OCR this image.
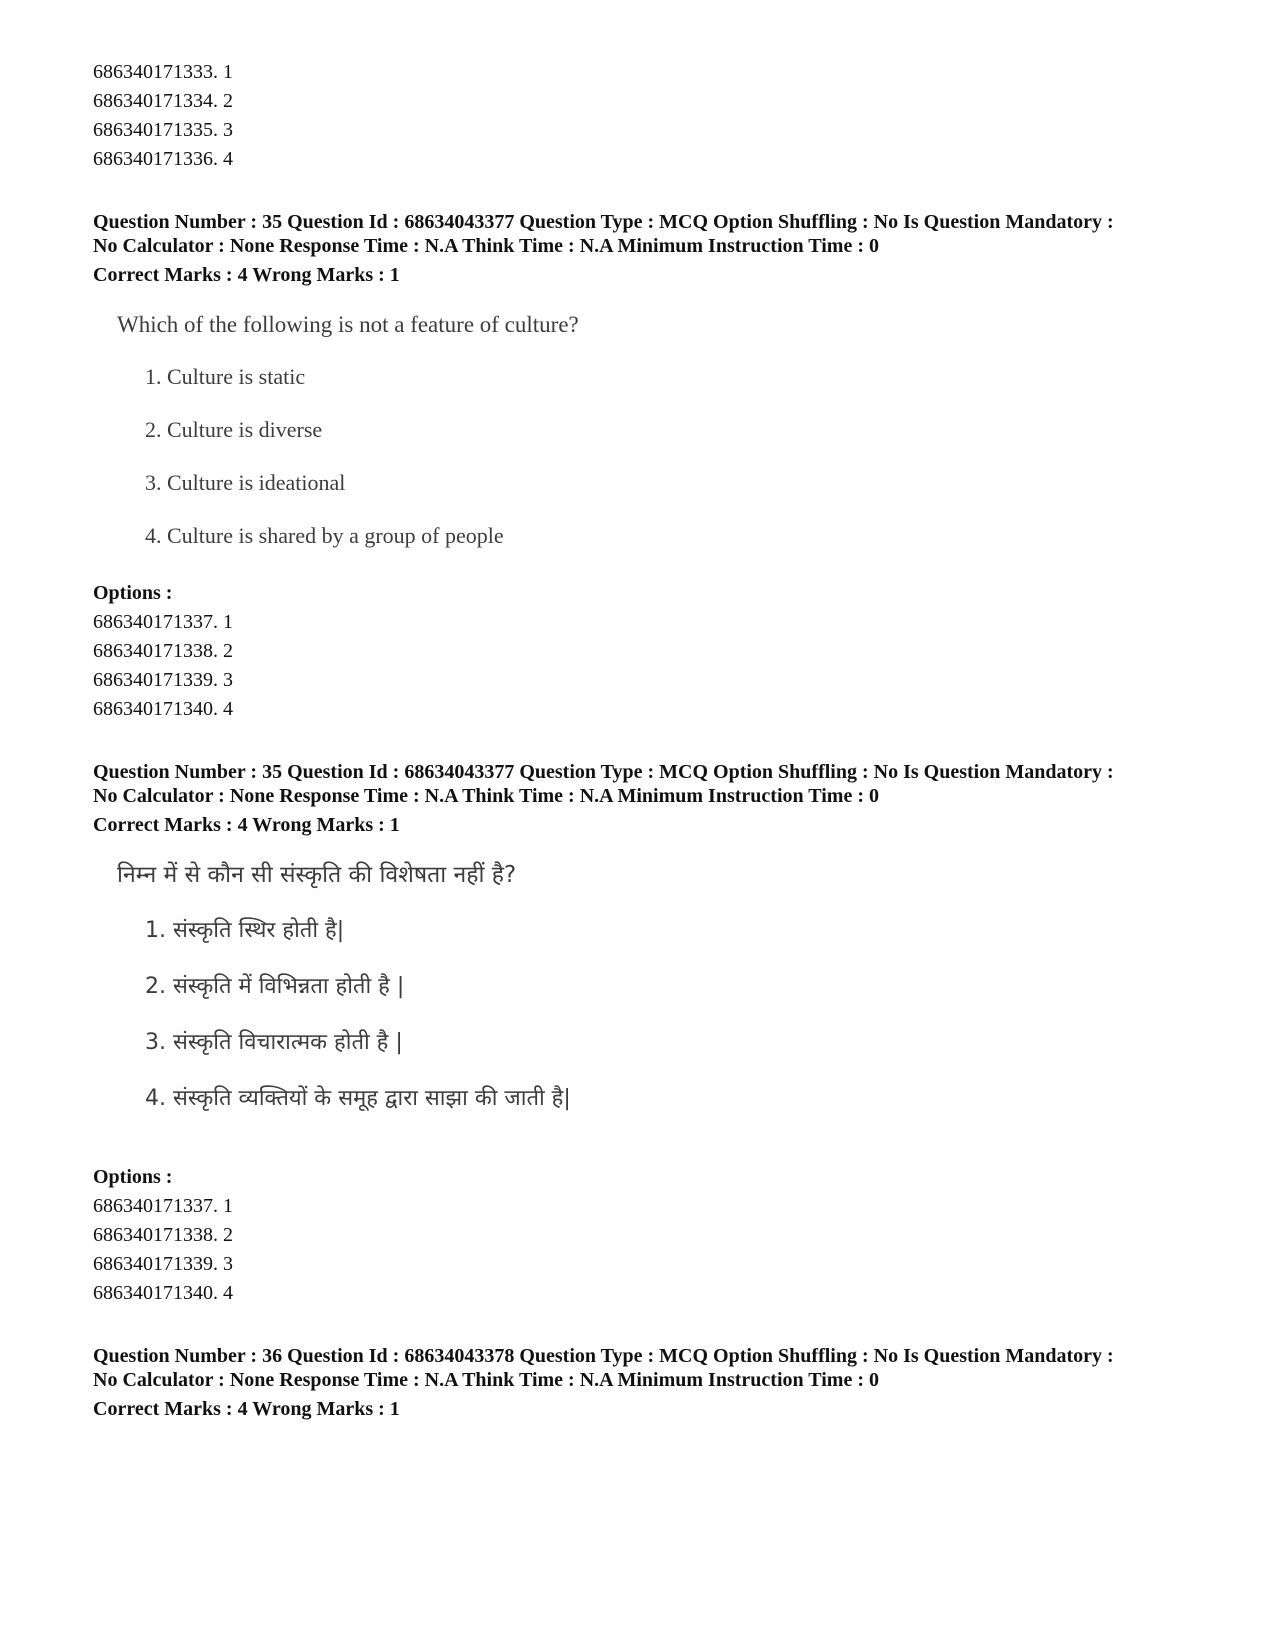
686340171333. 1
686340171334. 2
686340171335. 3
686340171336. 4
Question Number : 35 Question Id : 68634043377 Question Type : MCQ Option Shuffling : No Is Question Mandatory :
No Calculator : None Response Time : N.A Think Time : N.A Minimum Instruction Time : 0
Correct Marks : 4 Wrong Marks : 1
Which of the following is not a feature of culture?
1. Culture is static
2. Culture is diverse
3. Culture is ideational
4. Culture is shared by a group of people
Options :
686340171337. 1
686340171338. 2
686340171339. 3
686340171340. 4
Question Number : 35 Question Id : 68634043377 Question Type : MCQ Option Shuffling : No Is Question Mandatory :
No Calculator : None Response Time : N.A Think Time : N.A Minimum Instruction Time : 0
Correct Marks : 4 Wrong Marks : 1
निम्न में से कौन सी संस्कृति की विशेषता नहीं है?
1. संस्कृति स्थिर होती है|
2. संस्कृति में विभिन्नता होती है |
3. संस्कृति विचारात्मक होती है |
4. संस्कृति व्यक्तियों के समूह द्वारा साझा की जाती है|
Options :
686340171337. 1
686340171338. 2
686340171339. 3
686340171340. 4
Question Number : 36 Question Id : 68634043378 Question Type : MCQ Option Shuffling : No Is Question Mandatory :
No Calculator : None Response Time : N.A Think Time : N.A Minimum Instruction Time : 0
Correct Marks : 4 Wrong Marks : 1
